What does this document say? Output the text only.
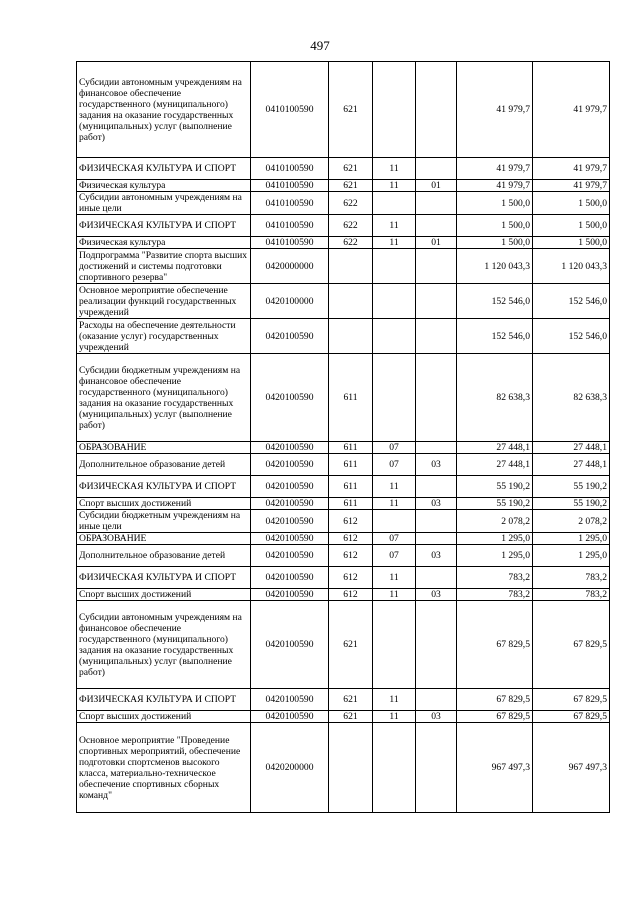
497
Субсидии автономным учреждениям на финансовое обеспечение государственного (муниципального) задания на оказание государственных (муниципальных) услуг (выполнение работ)	0410100590	621			41 979,7	41 979,7
ФИЗИЧЕСКАЯ КУЛЬТУРА И СПОРТ	0410100590	621	11		41 979,7	41 979,7
Физическая культура	0410100590	621	11	01	41 979,7	41 979,7
Субсидии автономным учреждениям на иные цели	0410100590	622			1 500,0	1 500,0
ФИЗИЧЕСКАЯ КУЛЬТУРА И СПОРТ	0410100590	622	11		1 500,0	1 500,0
Физическая культура	0410100590	622	11	01	1 500,0	1 500,0
Подпрограмма "Развитие спорта высших достижений и системы подготовки спортивного резерва"	0420000000				1 120 043,3	1 120 043,3
Основное мероприятие обеспечение реализации функций государственных учреждений	0420100000				152 546,0	152 546,0
Расходы на обеспечение деятельности (оказание услуг) государственных учреждений	0420100590				152 546,0	152 546,0
Субсидии бюджетным учреждениям на финансовое обеспечение государственного (муниципального) задания на оказание государственных (муниципальных) услуг (выполнение работ)	0420100590	611			82 638,3	82 638,3
ОБРАЗОВАНИЕ	0420100590	611	07		27 448,1	27 448,1
Дополнительное образование детей	0420100590	611	07	03	27 448,1	27 448,1
ФИЗИЧЕСКАЯ КУЛЬТУРА И СПОРТ	0420100590	611	11		55 190,2	55 190,2
Спорт высших достижений	0420100590	611	11	03	55 190,2	55 190,2
Субсидии бюджетным учреждениям на иные цели	0420100590	612			2 078,2	2 078,2
ОБРАЗОВАНИЕ	0420100590	612	07		1 295,0	1 295,0
Дополнительное образование детей	0420100590	612	07	03	1 295,0	1 295,0
ФИЗИЧЕСКАЯ КУЛЬТУРА И СПОРТ	0420100590	612	11		783,2	783,2
Спорт высших достижений	0420100590	612	11	03	783,2	783,2
Субсидии автономным учреждениям на финансовое обеспечение государственного (муниципального) задания на оказание государственных (муниципальных) услуг (выполнение работ)	0420100590	621			67 829,5	67 829,5
ФИЗИЧЕСКАЯ КУЛЬТУРА И СПОРТ	0420100590	621	11		67 829,5	67 829,5
Спорт высших достижений	0420100590	621	11	03	67 829,5	67 829,5
Основное мероприятие "Проведение спортивных мероприятий, обеспечение подготовки спортсменов высокого класса, материально-техническое обеспечение спортивных сборных команд"	0420200000				967 497,3	967 497,3
